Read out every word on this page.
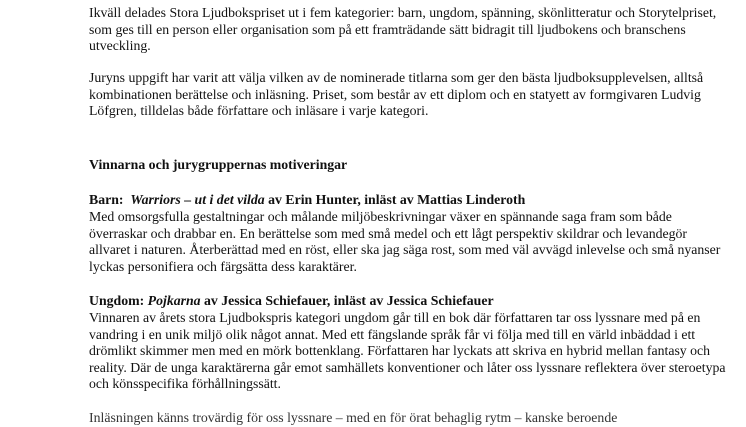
Ikväll delades Stora Ljudbokspriset ut i fem kategorier: barn, ungdom, spänning, skönlitteratur och Storytelpriset, som ges till en person eller organisation som på ett framträdande sätt bidragit till ljudbokens och branschens utveckling.

Juryns uppgift har varit att välja vilken av de nominerade titlarna som ger den bästa ljudboksupplevelsen, alltså kombinationen berättelse och inläsning. Priset, som består av ett diplom och en statyett av formgivaren Ludvig Löfgren, tilldelas både författare och inläsare i varje kategori.

Vinnarna och jurygruppernas motiveringar

Barn: Warriors – ut i det vilda av Erin Hunter, inläst av Mattias Linderoth

Med omsorgsfulla gestaltningar och målande miljöbeskrivningar växer en spännande saga fram som både överraskar och drabbar en. En berättelse som med små medel och ett lågt perspektiv skildrar och levandegör allvaret i naturen. Återberättad med en röst, eller ska jag säga rost, som med väl avvägd inlevelse och små nyanser lyckas personifiera och färgsätta dess karaktärer.

Ungdom: Pojkarna av Jessica Schiefauer, inläst av Jessica Schiefauer

Vinnaren av årets stora Ljudbokspris kategori ungdom går till en bok där författaren tar oss lyssnare med på en vandring i en unik miljö olik något annat. Med ett fängslande språk får vi följa med till en värld inbäddad i ett drömlikt skimmer men med en mörk bottenklang. Författaren har lyckats att skriva en hybrid mellan fantasy och reality. Där de unga karaktärerna går emot samhällets konventioner och låter oss lyssnare reflektera över steroetypa och könsspecifika förhållningssätt.

Inläsningen känns trovärdig för oss lyssnare – med en för örat behaglig rytm – kanske beroende
